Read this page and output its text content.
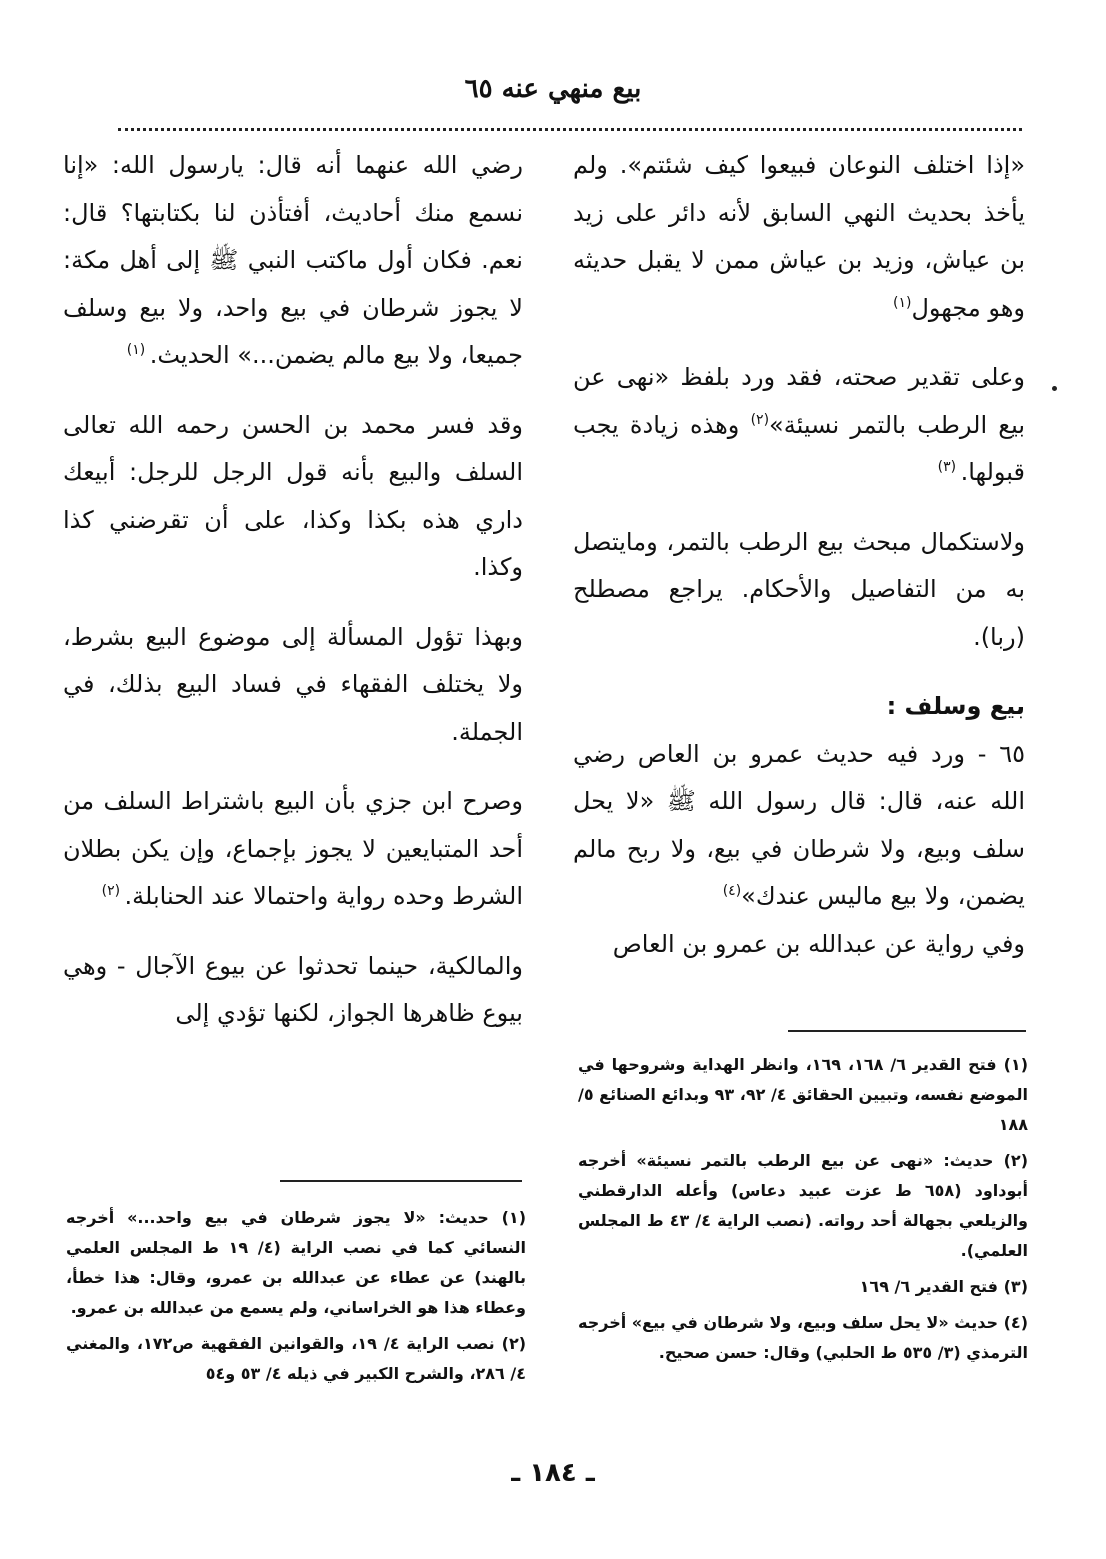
بيع منهي عنه ٦٥

«إذا اختلف النوعان فبيعوا كيف شئتم». ولم يأخذ بحديث النهي السابق لأنه دائر على زيد بن عياش، وزيد بن عياش ممن لا يقبل حديثه وهو مجهول$^{(١)}$

وعلى تقدير صحته، فقد ورد بلفظ «نهى عن بيع الرطب بالتمر نسيئة»$^{(٢)}$ وهذه زيادة يجب قبولها. $^{(٣)}$

ولاستكمال مبحث بيع الرطب بالتمر، ومايتصل به من التفاصيل والأحكام. يراجع مصطلح (ربا).

بيع وسلف :

٦٥ - ورد فيه حديث عمرو بن العاص رضي الله عنه، قال: قال رسول الله ﷺ «لا يحل سلف وبيع، ولا شرطان في بيع، ولا ربح مالم يضمن، ولا بيع ماليس عندك»$^{(٤)}$

وفي رواية عن عبدالله بن عمرو بن العاص

رضي الله عنهما أنه قال: يارسول الله: «إنا نسمع منك أحاديث، أفتأذن لنا بكتابتها؟ قال: نعم. فكان أول ماكتب النبي ﷺ إلى أهل مكة: لا يجوز شرطان في بيع واحد، ولا بيع وسلف جميعا، ولا بيع مالم يضمن...» الحديث. $^{(١)}$

وقد فسر محمد بن الحسن رحمه الله تعالى السلف والبيع بأنه قول الرجل للرجل: أبيعك داري هذه بكذا وكذا، على أن تقرضني كذا وكذا.

وبهذا تؤول المسألة إلى موضوع البيع بشرط، ولا يختلف الفقهاء في فساد البيع بذلك، في الجملة.

وصرح ابن جزي بأن البيع باشتراط السلف من أحد المتبايعين لا يجوز بإجماع، وإن يكن بطلان الشرط وحده رواية واحتمالا عند الحنابلة. $^{(٢)}$

والمالكية، حينما تحدثوا عن بيوع الآجال - وهي بيوع ظاهرها الجواز، لكنها تؤدي إلى

(١) فتح القدير ٦/ ١٦٨، ١٦٩، وانظر الهداية وشروحها في الموضع نفسه، وتبيين الحقائق ٤/ ٩٢، ٩٣ وبدائع الصنائع ٥/ ١٨٨

(٢) حديث: «نهى عن بيع الرطب بالتمر نسيئة» أخرجه أبوداود (٦٥٨ ط عزت عبيد دعاس) وأعله الدارقطني والزيلعي بجهالة أحد رواته. (نصب الراية ٤/ ٤٣ ط المجلس العلمي).

(٣) فتح القدير ٦/ ١٦٩

(٤) حديث «لا يحل سلف وبيع، ولا شرطان في بيع» أخرجه الترمذي (٣/ ٥٣٥ ط الحلبي) وقال: حسن صحيح.

(١) حديث: «لا يجوز شرطان في بيع واحد...» أخرجه النسائي كما في نصب الراية (٤/ ١٩ ط المجلس العلمي بالهند) عن عطاء عن عبدالله بن عمرو، وقال: هذا خطأ، وعطاء هذا هو الخراساني، ولم يسمع من عبدالله بن عمرو.

(٢) نصب الراية ٤/ ١٩، والقوانين الفقهية ص١٧٢، والمغني ٤/ ٢٨٦، والشرح الكبير في ذيله ٤/ ٥٣ و٥٤

ـ ١٨٤ ـ
